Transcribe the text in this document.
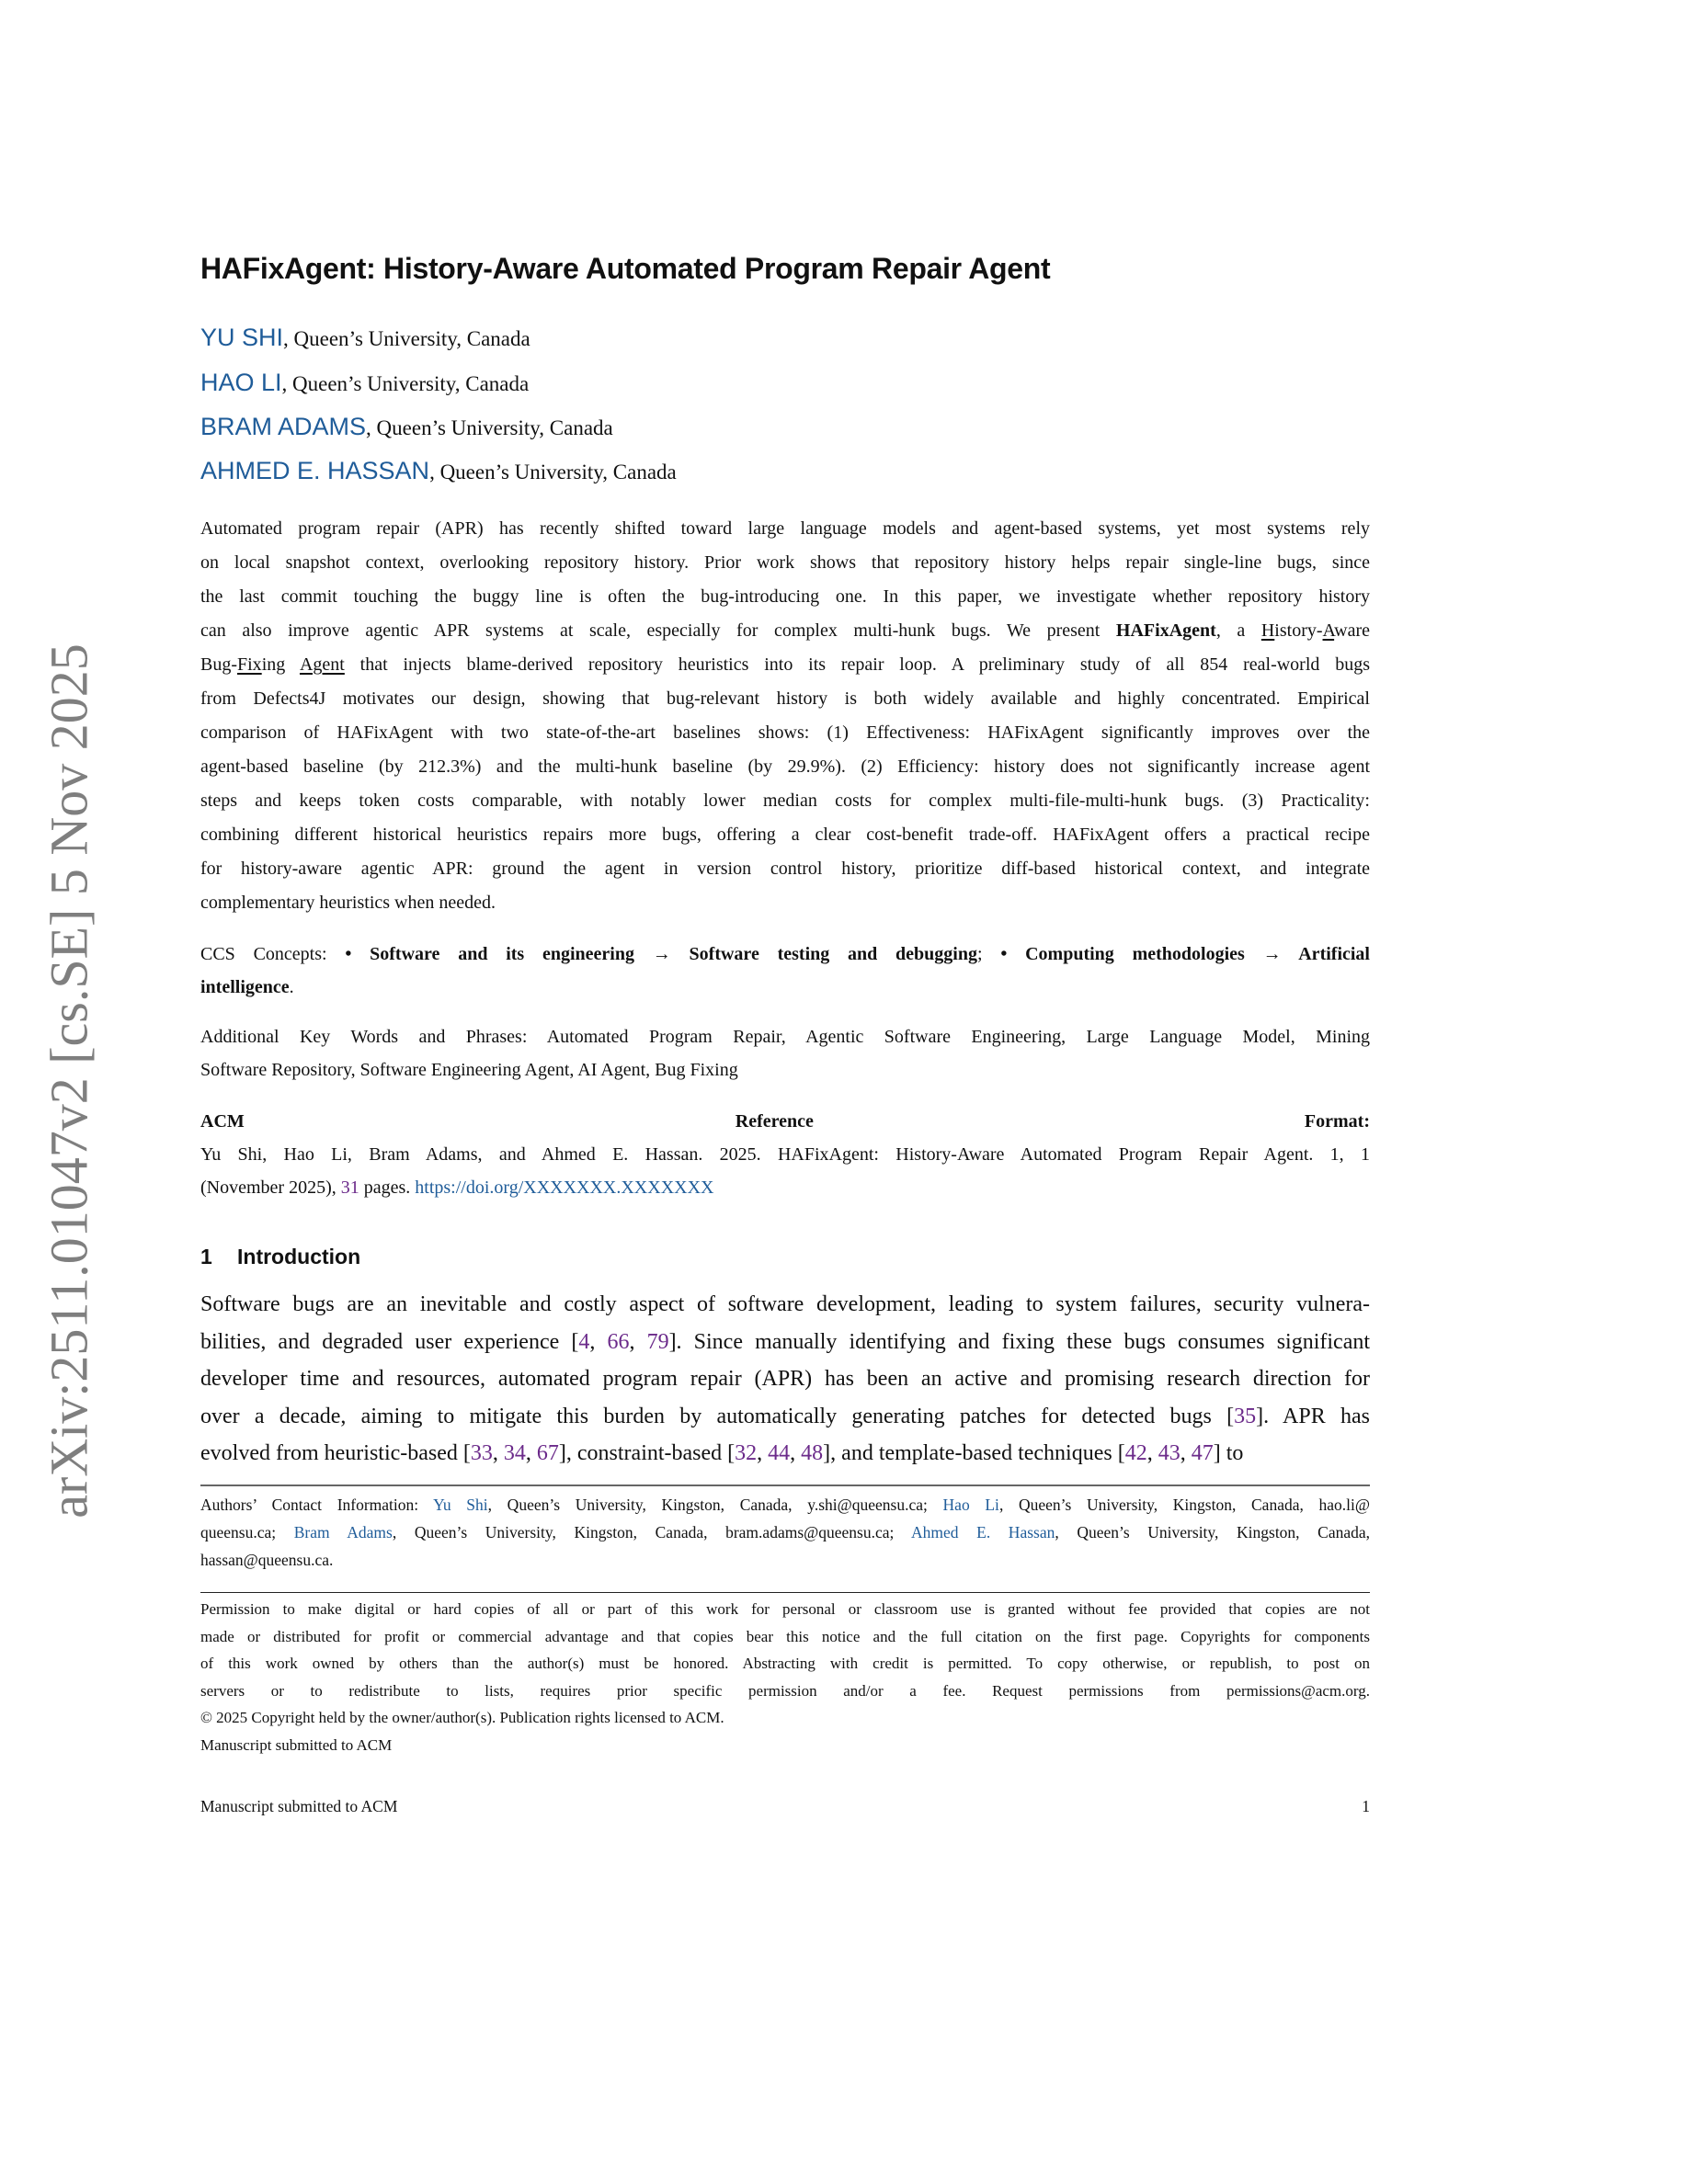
arXiv:2511.01047v2 [cs.SE] 5 Nov 2025
HAFixAgent: History-Aware Automated Program Repair Agent
YU SHI, Queen’s University, Canada
HAO LI, Queen’s University, Canada
BRAM ADAMS, Queen’s University, Canada
AHMED E. HASSAN, Queen’s University, Canada
Automated program repair (APR) has recently shifted toward large language models and agent-based systems, yet most systems rely
on local snapshot context, overlooking repository history. Prior work shows that repository history helps repair single-line bugs, since
the last commit touching the buggy line is often the bug-introducing one. In this paper, we investigate whether repository history
can also improve agentic APR systems at scale, especially for complex multi-hunk bugs. We present HAFixAgent, a History-Aware
Bug-Fixing Agent that injects blame-derived repository heuristics into its repair loop. A preliminary study of all 854 real-world bugs
from Defects4J motivates our design, showing that bug-relevant history is both widely available and highly concentrated. Empirical
comparison of HAFixAgent with two state-of-the-art baselines shows: (1) Effectiveness: HAFixAgent significantly improves over the
agent-based baseline (by 212.3%) and the multi-hunk baseline (by 29.9%). (2) Efficiency: history does not significantly increase agent
steps and keeps token costs comparable, with notably lower median costs for complex multi-file-multi-hunk bugs. (3) Practicality:
combining different historical heuristics repairs more bugs, offering a clear cost-benefit trade-off. HAFixAgent offers a practical recipe
for history-aware agentic APR: ground the agent in version control history, prioritize diff-based historical context, and integrate
complementary heuristics when needed.
CCS Concepts: • Software and its engineering → Software testing and debugging; • Computing methodologies → Artificial
intelligence.
Additional Key Words and Phrases: Automated Program Repair, Agentic Software Engineering, Large Language Model, Mining
Software Repository, Software Engineering Agent, AI Agent, Bug Fixing
ACM Reference Format:
Yu Shi, Hao Li, Bram Adams, and Ahmed E. Hassan. 2025. HAFixAgent: History-Aware Automated Program Repair Agent. 1, 1
(November 2025), 31 pages. https://doi.org/XXXXXXX.XXXXXXX
1 Introduction
Software bugs are an inevitable and costly aspect of software development, leading to system failures, security vulnera-
bilities, and degraded user experience [4, 66, 79]. Since manually identifying and fixing these bugs consumes significant
developer time and resources, automated program repair (APR) has been an active and promising research direction for
over a decade, aiming to mitigate this burden by automatically generating patches for detected bugs [35]. APR has
evolved from heuristic-based [33, 34, 67], constraint-based [32, 44, 48], and template-based techniques [42, 43, 47] to
Authors’ Contact Information: Yu Shi, Queen’s University, Kingston, Canada, y.shi@queensu.ca; Hao Li, Queen’s University, Kingston, Canada, hao.li@
queensu.ca; Bram Adams, Queen’s University, Kingston, Canada, bram.adams@queensu.ca; Ahmed E. Hassan, Queen’s University, Kingston, Canada,
hassan@queensu.ca.
Permission to make digital or hard copies of all or part of this work for personal or classroom use is granted without fee provided that copies are not
made or distributed for profit or commercial advantage and that copies bear this notice and the full citation on the first page. Copyrights for components
of this work owned by others than the author(s) must be honored. Abstracting with credit is permitted. To copy otherwise, or republish, to post on
servers or to redistribute to lists, requires prior specific permission and/or a fee. Request permissions from permissions@acm.org.
© 2025 Copyright held by the owner/author(s). Publication rights licensed to ACM.
Manuscript submitted to ACM
Manuscript submitted to ACM	1
